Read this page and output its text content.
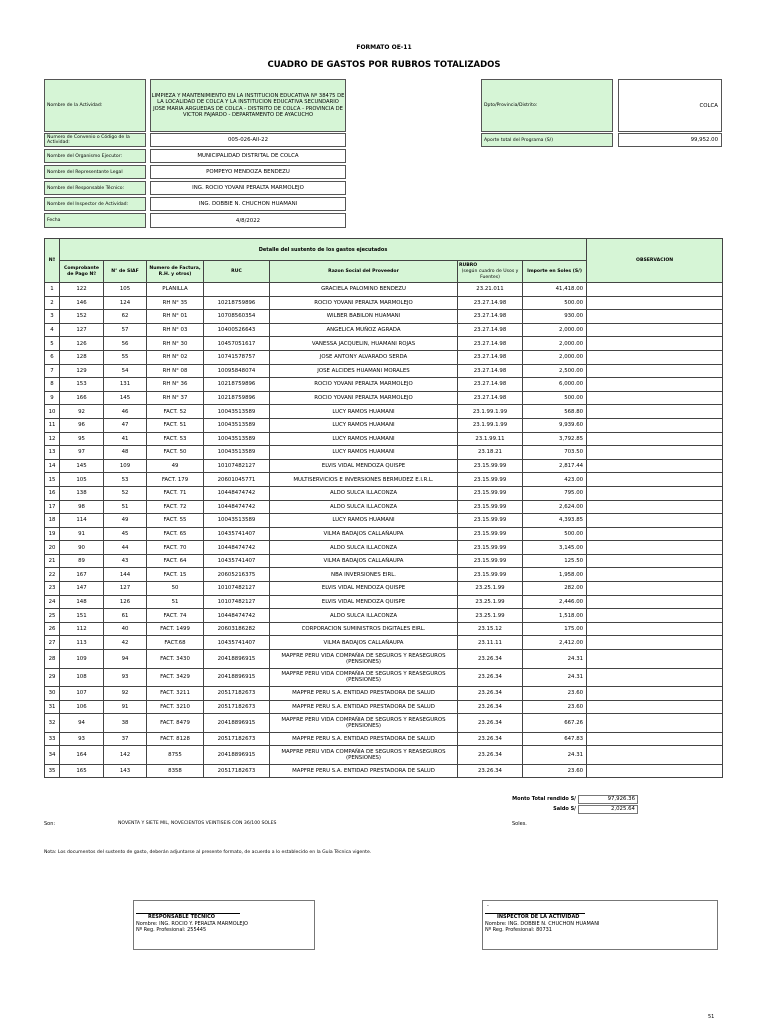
FORMATO OE-11
CUADRO DE GASTOS POR RUBROS TOTALIZADOS
Nombre de la Actividad:
LIMPIEZA Y MANTENIMIENTO EN LA INSTITUCION EDUCATIVA Nº 38475 DE LA LOCALIDAD DE COLCA Y LA INSTITUCION EDUCATIVA SECUNDARIO JOSE MARIA ARGUEDAS DE COLCA - DISTRITO DE COLCA - PROVINCIA DE VICTOR FAJARDO - DEPARTAMENTO DE AYACUCHO
Dpto/Provincia/Distrito:	COLCA
Numero de Convenio o Código de la Actividad:	005-026-AII-22	Aporte total del Programa (S/)	99,952.00
Nombre del Organismo Ejecutor:	MUNICIPALIDAD DISTRITAL DE COLCA
Nombre del Representante Legal	POMPEYO MENDOZA BENDEZU
Nombre del Responsable Técnico:	ING. ROCIO YOVANI PERALTA MARMOLEJO
Nombre del Inspector de Actividad:	ING. DOBBIE N. CHUCHON HUAMANI
Fecha	4/8/2022
Nº	Detalle del sustento de los gastos ejecutados							OBSERVACION
	Comprobante de Pago Nº	N° de SIAF	Numero de Factura, R.H. y otros)	RUC	Razon Social del Proveedor	RUBRO
(según cuadro de Usos y Fuentes)	Importe en Soles (S/)	
1	122	105	PLANILLA		GRACIELA PALOMINO BENDEZU	23.21.011	41,418.00	
2	146	124	RH N° 35	10218759896	ROCIO YOVANI PERALTA MARMOLEJO	23.27.14.98	500.00	
3	152	62	RH N° 01	10708560354	WILBER BABILON HUAMANI	23.27.14.98	930.00	
4	127	57	RH N° 03	10400526643	ANGELICA MUÑOZ AGRADA	23.27.14.98	2,000.00	
5	126	56	RH N° 30	10457051617	VANESSA JACQUELIN, HUAMANI ROJAS	23.27.14.98	2,000.00	
6	128	55	RH N° 02	10741578757	JOSE ANTONY ALVARADO SERDA	23.27.14.98	2,000.00	
7	129	54	RH N° 08	10095848074	JOSE ALCIDES HUAMANI MORALES	23.27.14.98	2,500.00	
8	153	131	RH N° 36	10218759896	ROCIO YOVANI PERALTA MARMOLEJO	23.27.14.98	6,000.00	
9	166	145	RH N° 37	10218759896	ROCIO YOVANI PERALTA MARMOLEJO	23.27.14.98	500.00	
10	92	46	FACT. 52	10043513589	LUCY RAMOS HUAMANI	23.1.99.1.99	568.80	
11	96	47	FACT. 51	10043513589	LUCY RAMOS HUAMANI	23.1.99.1.99	9,939.60	
12	95	41	FACT. 53	10043513589	LUCY RAMOS HUAMANI	23.1.99.11	3,792.85	
13	97	48	FACT. 50	10043513589	LUCY RAMOS HUAMANI	23.18.21	703.50	
14	145	109	49	10107482127	ELVIS VIDAL MENDOZA QUISPE	23.15.99.99	2,817.44	
15	105	53	FACT. 179	20601045771	MULTISERVICIOS E INVERSIONES BERMUDEZ E.I.R.L.	23.15.99.99	423.00	
16	138	52	FACT. 71	10448474742	ALDO SULCA ILLACONZA	23.15.99.99	795.00	
17	98	51	FACT. 72	10448474742	ALDO SULCA ILLACONZA	23.15.99.99	2,624.00	
18	114	49	FACT. 55	10043513589	LUCY RAMOS HUAMANI	23.15.99.99	4,393.85	
19	91	45	FACT. 65	10435741407	VILMA BADAJOS CALLAÑAUPA	23.15.99.99	500.00	
20	90	44	FACT. 70	10448474742	ALDO SULCA ILLACONZA	23.15.99.99	3,145.00	
21	89	43	FACT. 64	10435741407	VILMA BADAJOS CALLAÑAUPA	23.15.99.99	125.50	
22	167	144	FACT. 15	20605216375	NBA INVERSIONES EIRL.	23.15.99.99	1,958.00	
23	147	127	50	10107482127	ELVIS VIDAL MENDOZA QUISPE	23.25.1.99	282.00	
24	148	126	51	10107482127	ELVIS VIDAL MENDOZA QUISPE	23.25.1.99	2,446.00	
25	151	61	FACT. 74	10448474742	ALDO SULCA ILLACONZA	23.25.1.99	1,518.00	
26	112	40	FACT. 1499	20603186282	CORPORACION SUMINISTROS DIGITALES EIRL.	23.15.12	175.00	
27	113	42	FACT.68	10435741407	VILMA BADAJOS CALLAÑAUPA	23.11.11	2,412.00	
28	109	94	FACT. 3430	20418896915	MAPFRE PERU VIDA COMPAÑIA DE SEGUROS Y REASEGUROS (PENSIONES)	23.26.34	24.31	
29	108	93	FACT. 3429	20418896915	MAPFRE PERU VIDA COMPAÑIA DE SEGUROS Y REASEGUROS (PENSIONES)	23.26.34	24.31	
30	107	92	FACT. 3211	20517182673	MAPFRE PERU S.A. ENTIDAD PRESTADORA DE SALUD	23.26.34	23.60	
31	106	91	FACT. 3210	20517182673	MAPFRE PERU S.A. ENTIDAD PRESTADORA DE SALUD	23.26.34	23.60	
32	94	38	FACT. 8479	20418896915	MAPFRE PERU VIDA COMPAÑIA DE SEGUROS Y REASEGUROS (PENSIONES)	23.26.34	667.26	
33	93	37	FACT. 8128	20517182673	MAPFRE PERU S.A. ENTIDAD PRESTADORA DE SALUD	23.26.34	647.83	
34	164	142	8755	20418896915	MAPFRE PERU VIDA COMPAÑIA DE SEGUROS Y REASEGUROS (PENSIONES)	23.26.34	24.31	
35	165	143	8358	20517182673	MAPFRE PERU S.A. ENTIDAD PRESTADORA DE SALUD	23.26.34	23.60	
Monto Total rendido S/	97,926.36
Saldo S/	2,025.64
Son:	NOVENTA Y SIETE MIL, NOVECIENTOS VEINTISEIS CON 36/100 SOLES	Soles.
Nota: Los documentos del sustento de gasto, deberán adjuntarse al presente formato, de acuerdo a lo establecido en la Guía Técnica vigente.
RESPONSABLE TECNICO
Nombre: ING. ROCIO Y. PERALTA MARMOLEJO
Nº Reg. Profesional: 255445
-
INSPECTOR DE LA ACTIVIDAD
Nombre: ING. DOBBIE N. CHUCHON HUAMANI
Nº Reg. Profesional: 80731
51
